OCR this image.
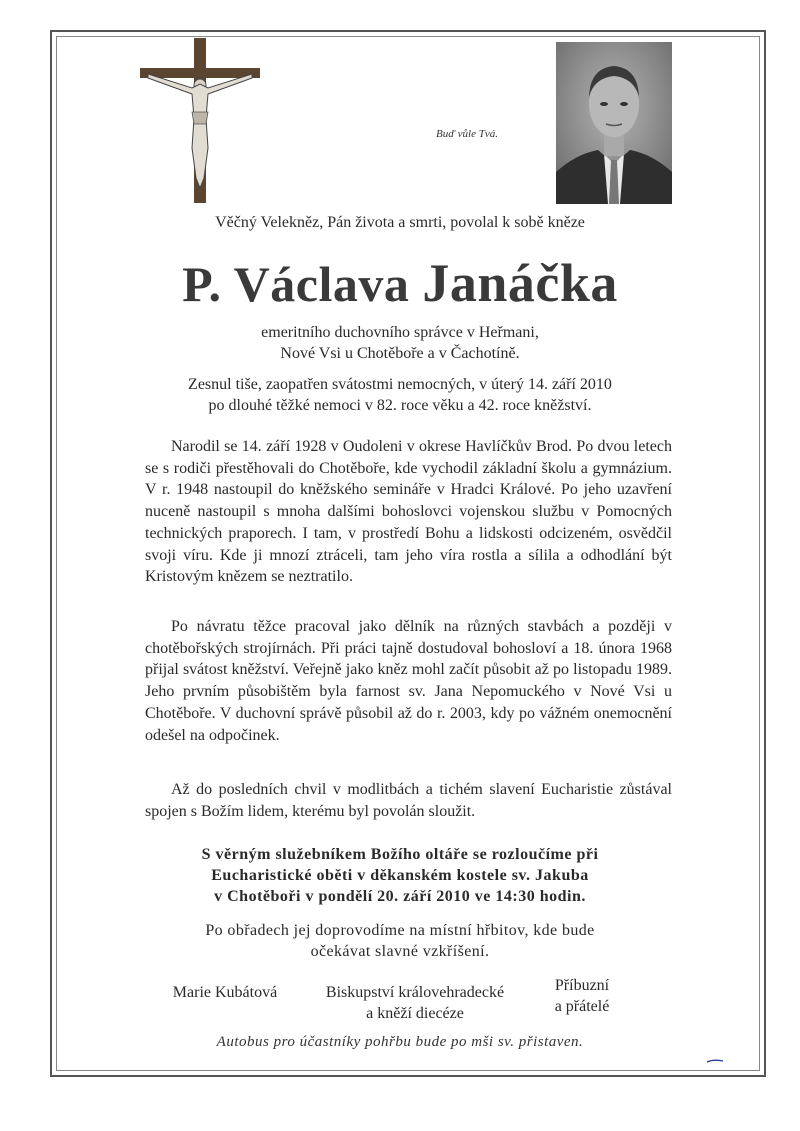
Buď vůle Tvá.
Věčný Velekněz, Pán života a smrti, povolal k sobě kněze
P. Václava Janáčka
emeritního duchovního správce v Heřmani,
Nové Vsi u Chotěboře a v Čachotíně.
Zesnul tiše, zaopatřen svátostmi nemocných, v úterý 14. září 2010
po dlouhé těžké nemoci v 82. roce věku a 42. roce kněžství.
Narodil se 14. září 1928 v Oudoleni v okrese Havlíčkův Brod. Po dvou letech se s rodiči přestěhovali do Chotěboře, kde vychodil základní školu a gymnázium. V r. 1948 nastoupil do kněžského semináře v Hradci Králové. Po jeho uzavření nuceně nastoupil s mnoha dalšími bohoslovci vojenskou službu v Pomocných technických praporech. I tam, v prostředí Bohu a lidskosti odcizeném, osvědčil svoji víru. Kde ji mnozí ztráceli, tam jeho víra rostla a sílila a odhodlání být Kristovým knězem se neztratilo.
Po návratu těžce pracoval jako dělník na různých stavbách a později v chotěbořských strojírnách. Při práci tajně dostudoval bohosloví a 18. února 1968 přijal svátost kněžství. Veřejně jako kněz mohl začít působit až po listopadu 1989. Jeho prvním působištěm byla farnost sv. Jana Nepomuckého v Nové Vsi u Chotěboře. V duchovní správě působil až do r. 2003, kdy po vážném onemocnění odešel na odpočinek.
Až do posledních chvil v modlitbách a tichém slavení Eucharistie zůstával spojen s Božím lidem, kterému byl povolán sloužit.
S věrným služebníkem Božího oltáře se rozloučíme při
Eucharistické oběti v děkanském kostele sv. Jakuba
v Chotěboři v pondělí 20. září 2010 ve 14:30 hodin.
Po obřadech jej doprovodíme na místní hřbitov, kde bude
očekávat slavné vzkříšení.
Marie Kubátová	Biskupství královehradecké
a kněží diecéze
Příbuzní
a přátelé
Autobus pro účastníky pohřbu bude po mši sv. přistaven.
